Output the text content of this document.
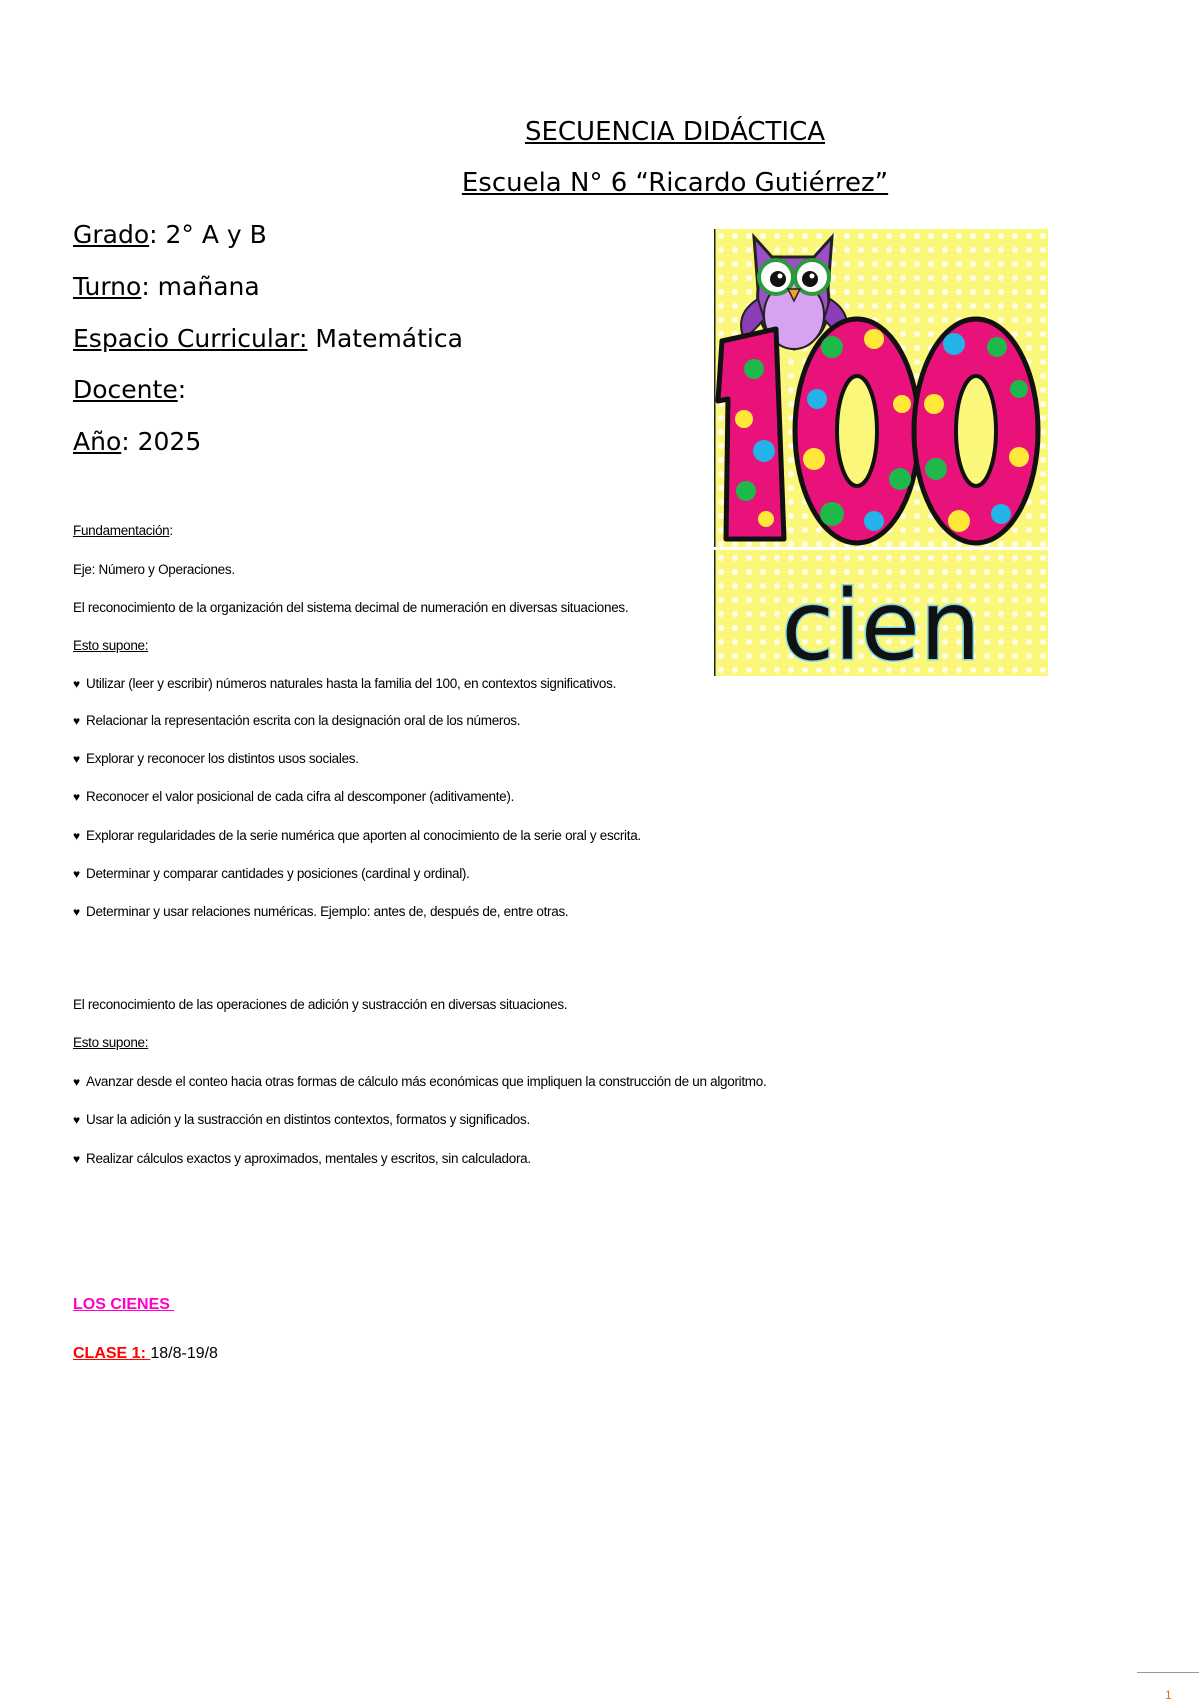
SECUENCIA DIDÁCTICA
Escuela N° 6 “Ricardo Gutiérrez”
Grado: 2° A y B
Turno: mañana
Espacio Curricular: Matemática
Docente:
Año: 2025
Fundamentación:
Eje: Número y Operaciones.
El reconocimiento de la organización del sistema decimal de numeración en diversas situaciones.
Esto supone:
♥ Utilizar (leer y escribir) números naturales hasta la familia del 100, en contextos significativos.
♥ Relacionar la representación escrita con la designación oral de los números.
♥ Explorar y reconocer los distintos usos sociales.
♥ Reconocer el valor posicional de cada cifra al descomponer (aditivamente).
♥ Explorar regularidades de la serie numérica que aporten al conocimiento de la serie oral y escrita.
♥ Determinar y comparar cantidades y posiciones (cardinal y ordinal).
♥ Determinar y usar relaciones numéricas. Ejemplo: antes de, después de, entre otras.
El reconocimiento de las operaciones de adición y sustracción en diversas situaciones.
Esto supone:
♥ Avanzar desde el conteo hacia otras formas de cálculo más económicas que impliquen la construcción de un algoritmo.
♥ Usar la adición y la sustracción en distintos contextos, formatos y significados.
♥ Realizar cálculos exactos y aproximados, mentales y escritos, sin calculadora.
LOS CIENES
CLASE 1: 18/8-19/8
cien
1
